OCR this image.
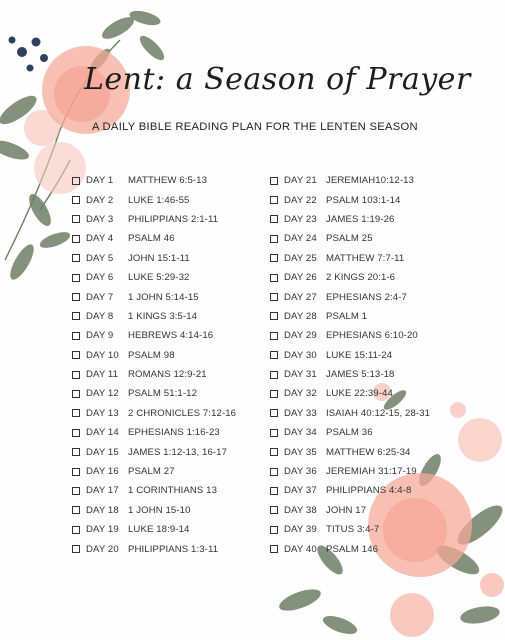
Lent: a Season of Prayer
A DAILY BIBLE READING PLAN FOR THE LENTEN SEASON
DAY 1	MATTHEW 6:5-13
DAY 2	LUKE 1:46-55
DAY 3	PHILIPPIANS 2:1-11
DAY 4	PSALM 46
DAY 5	JOHN 15:1-11
DAY 6	LUKE 5:29-32
DAY 7	1 JOHN 5:14-15
DAY 8	1 KINGS 3:5-14
DAY 9	HEBREWS 4:14-16
DAY 10 PSALM 98
DAY 11	ROMANS 12:9-21
DAY 12 PSALM 51:1-12
DAY 13 2 CHRONICLES 7:12-16
DAY 14 EPHESIANS 1:16-23
DAY 15 JAMES 1:12-13, 16-17
DAY 16 PSALM 27
DAY 17 1 CORINTHIANS 13
DAY 18 1 JOHN 15-10
DAY 19 LUKE 18:9-14
DAY 20 PHILIPPIANS 1:3-11
DAY 21 JEREMIAH10:12-13
DAY 22 PSALM 103:1-14
DAY 23 JAMES 1:19-26
DAY 24 PSALM 25
DAY 25 MATTHEW 7:7-11
DAY 26 2 KINGS 20:1-6
DAY 27 EPHESIANS 2:4-7
DAY 28 PSALM 1
DAY 29 EPHESIANS 6:10-20
DAY 30 LUKE 15:11-24
DAY 31 JAMES 5:13-18
DAY 32 LUKE 22:39-44
DAY 33 ISAIAH 40:12-15, 28-31
DAY 34 PSALM 36
DAY 35 MATTHEW 6:25-34
DAY 36 JEREMIAH 31:17-19
DAY 37 PHILIPPIANS 4:4-8
DAY 38 JOHN 17
DAY 39 TITUS 3:4-7
DAY 40 PSALM 146
